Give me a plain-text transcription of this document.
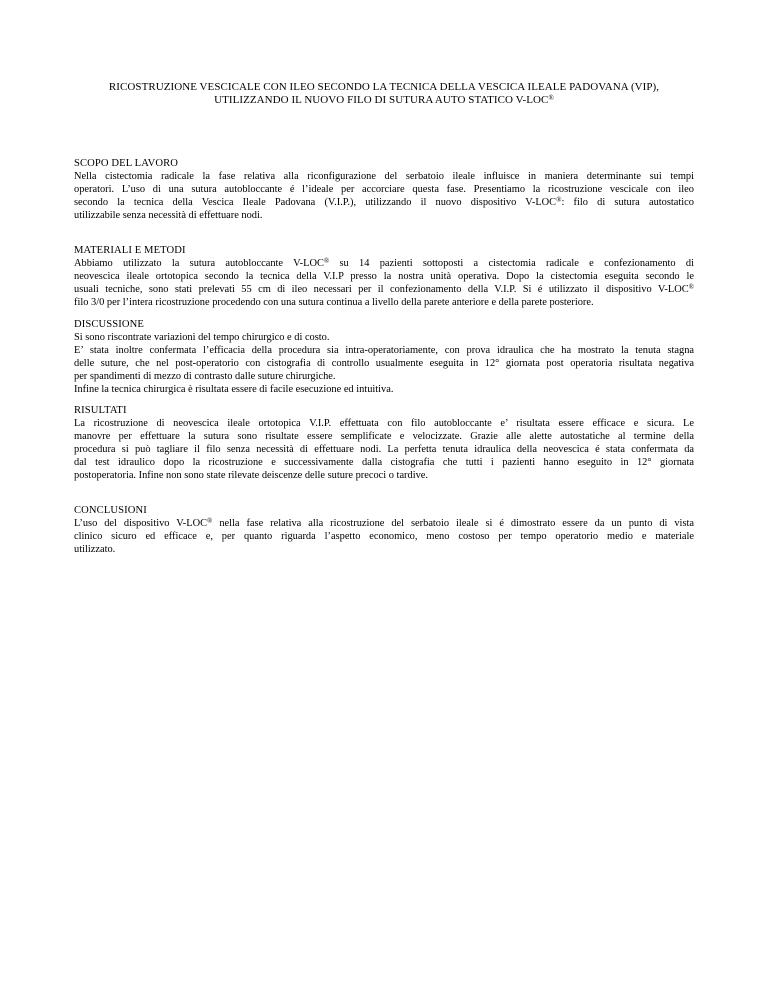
RICOSTRUZIONE VESCICALE CON ILEO SECONDO LA TECNICA DELLA VESCICA ILEALE PADOVANA (VIP),
UTILIZZANDO IL NUOVO FILO DI SUTURA AUTO STATICO V-LOC®
SCOPO DEL LAVORO
Nella cistectomia radicale la fase relativa alla riconfigurazione del serbatoio ileale influisce in maniera determinante sui tempi
operatori. L’uso di una sutura autobloccante é l’ideale per accorciare questa fase. Presentiamo la ricostruzione vescicale con ileo
secondo la tecnica della Vescica Ileale Padovana (V.I.P.), utilizzando il nuovo dispositivo V-LOC®: filo di sutura autostatico
utilizzabile senza necessità di effettuare nodi.
MATERIALI E METODI
Abbiamo utilizzato la sutura autobloccante V-LOC® su 14 pazienti sottoposti a cistectomia radicale e confezionamento di
neovescica ileale ortotopica secondo la tecnica della V.I.P presso la nostra unità operativa. Dopo la cistectomia eseguita secondo le
usuali tecniche, sono stati prelevati 55 cm di ileo necessari per il confezionamento della V.I.P. Si é utilizzato il dispositivo V-LOC®
filo 3/0 per l’intera ricostruzione procedendo con una sutura continua a livello della parete anteriore e della parete posteriore.
DISCUSSIONE
Si sono riscontrate variazioni del tempo chirurgico e di costo.
E’ stata inoltre confermata l’efficacia della procedura sia intra-operatoriamente, con prova idraulica che ha mostrato la tenuta stagna
delle suture, che nel post-operatorio con cistografia di controllo usualmente eseguita in 12° giornata post operatoria risultata negativa
per spandimenti di mezzo di contrasto dalle suture chirurgiche.
Infine la tecnica chirurgica è risultata essere di facile esecuzione ed intuitiva.
RISULTATI
La ricostruzione di neovescica ileale ortotopica V.I.P. effettuata con filo autobloccante e’ risultata essere efficace e sicura. Le
manovre per effettuare la sutura sono risultate essere semplificate e velocizzate. Grazie alle alette autostatiche al termine della
procedura si può tagliare il filo senza necessità di effettuare nodi. La perfetta tenuta idraulica della neovescica é stata confermata da
dal test idraulico dopo la ricostruzione e successivamente dalla cistografia che tutti i pazienti hanno eseguito in 12° giornata
postoperatoria. Infine non sono state rilevate deiscenze delle suture precoci o tardive.
CONCLUSIONI
L’uso del dispositivo V-LOC® nella fase relativa alla ricostruzione del serbatoio ileale si é dimostrato essere da un punto di vista
clinico sicuro ed efficace e, per quanto riguarda l’aspetto economico, meno costoso per tempo operatorio medio e materiale
utilizzato.
